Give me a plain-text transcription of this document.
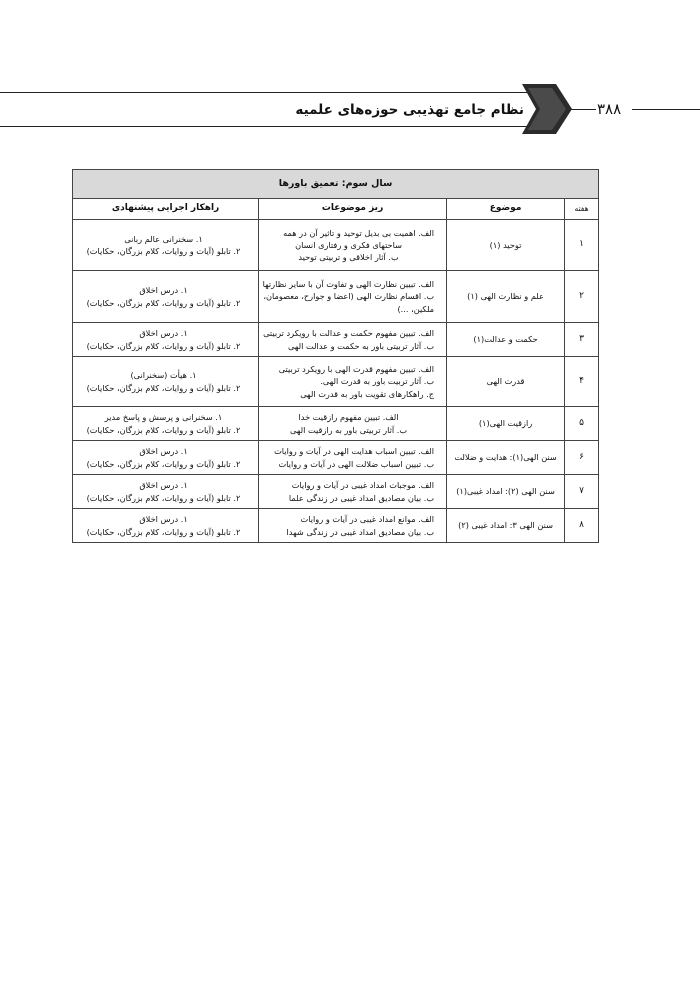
نظام جامع تهذیبی حوزه‌های علمیه	۳۸۸
سال سوم: تعمیق باورها			
هفته	موضوع	ریز موضوعات	راهکار اجرایی پیشنهادی
۱	توحید (۱)	الف. اهمیت بی بدیل توحید و تاثیر آن در همه
ساحتهای فکری و رفتاری انسان
ب. آثار اخلاقی و تربیتی توحید	۱. سخنرانی عالم ربانی
۲. تابلو (آیات و روایات، کلام بزرگان، حکایات)

۲	علم و نظارت الهی (۱)	الف. تبیین نظارت الهی و تفاوت آن با سایر نظارتها
ب. اقسام نظارت الهی (اعضا و جوارح، معصومان،
ملکین، ...)	۱. درس اخلاق
۲. تابلو (آیات و روایات، کلام بزرگان، حکایات)

۳	حکمت و عدالت(۱)	الف. تبیین مفهوم حکمت و عدالت با رویکرد تربیتی
ب. آثار تربیتی باور به حکمت و عدالت الهی	۱. درس اخلاق
۲. تابلو (آیات و روایات، کلام بزرگان، حکایات)

۴	قدرت الهی	الف. تبیین مفهوم قدرت الهی با رویکرد تربیتی
ب. آثار تربیت باور به قدرت الهی.
ج. راهکارهای تقویت باور به قدرت الهی	۱. هیأت (سخنرانی)
۲. تابلو (آیات و روایات، کلام بزرگان، حکایات)

۵	رازقیت الهی(۱)	الف. تبیین مفهوم رازقیت خدا
ب. آثار تربیتی باور به رازقیت الهی	۱. سخنرانی و پرسش و پاسخ مدیر
۲. تابلو (آیات و روایات، کلام بزرگان، حکایات)

۶	سنن الهی(۱): هدایت و ضلالت	الف. تبیین اسباب هدایت الهی در آیات و روایات
ب. تبیین اسباب ضلالت الهی در آیات و روایات	۱. درس اخلاق
۲. تابلو (آیات و روایات، کلام بزرگان، حکایات)

۷	سنن الهی (۲): امداد غیبی(۱)	الف. موجبات امداد غیبی در آیات و روایات
ب. بیان مصادیق امداد غیبی در زندگی علما	۱. درس اخلاق
۲. تابلو (آیات و روایات، کلام بزرگان، حکایات)

۸	سنن الهی ۳: امداد غیبی (۲)	الف. موانع امداد غیبی در آیات و روایات
ب. بیان مصادیق امداد غیبی در زندگی شهدا	۱. درس اخلاق
۲. تابلو (آیات و روایات، کلام بزرگان، حکایات)
